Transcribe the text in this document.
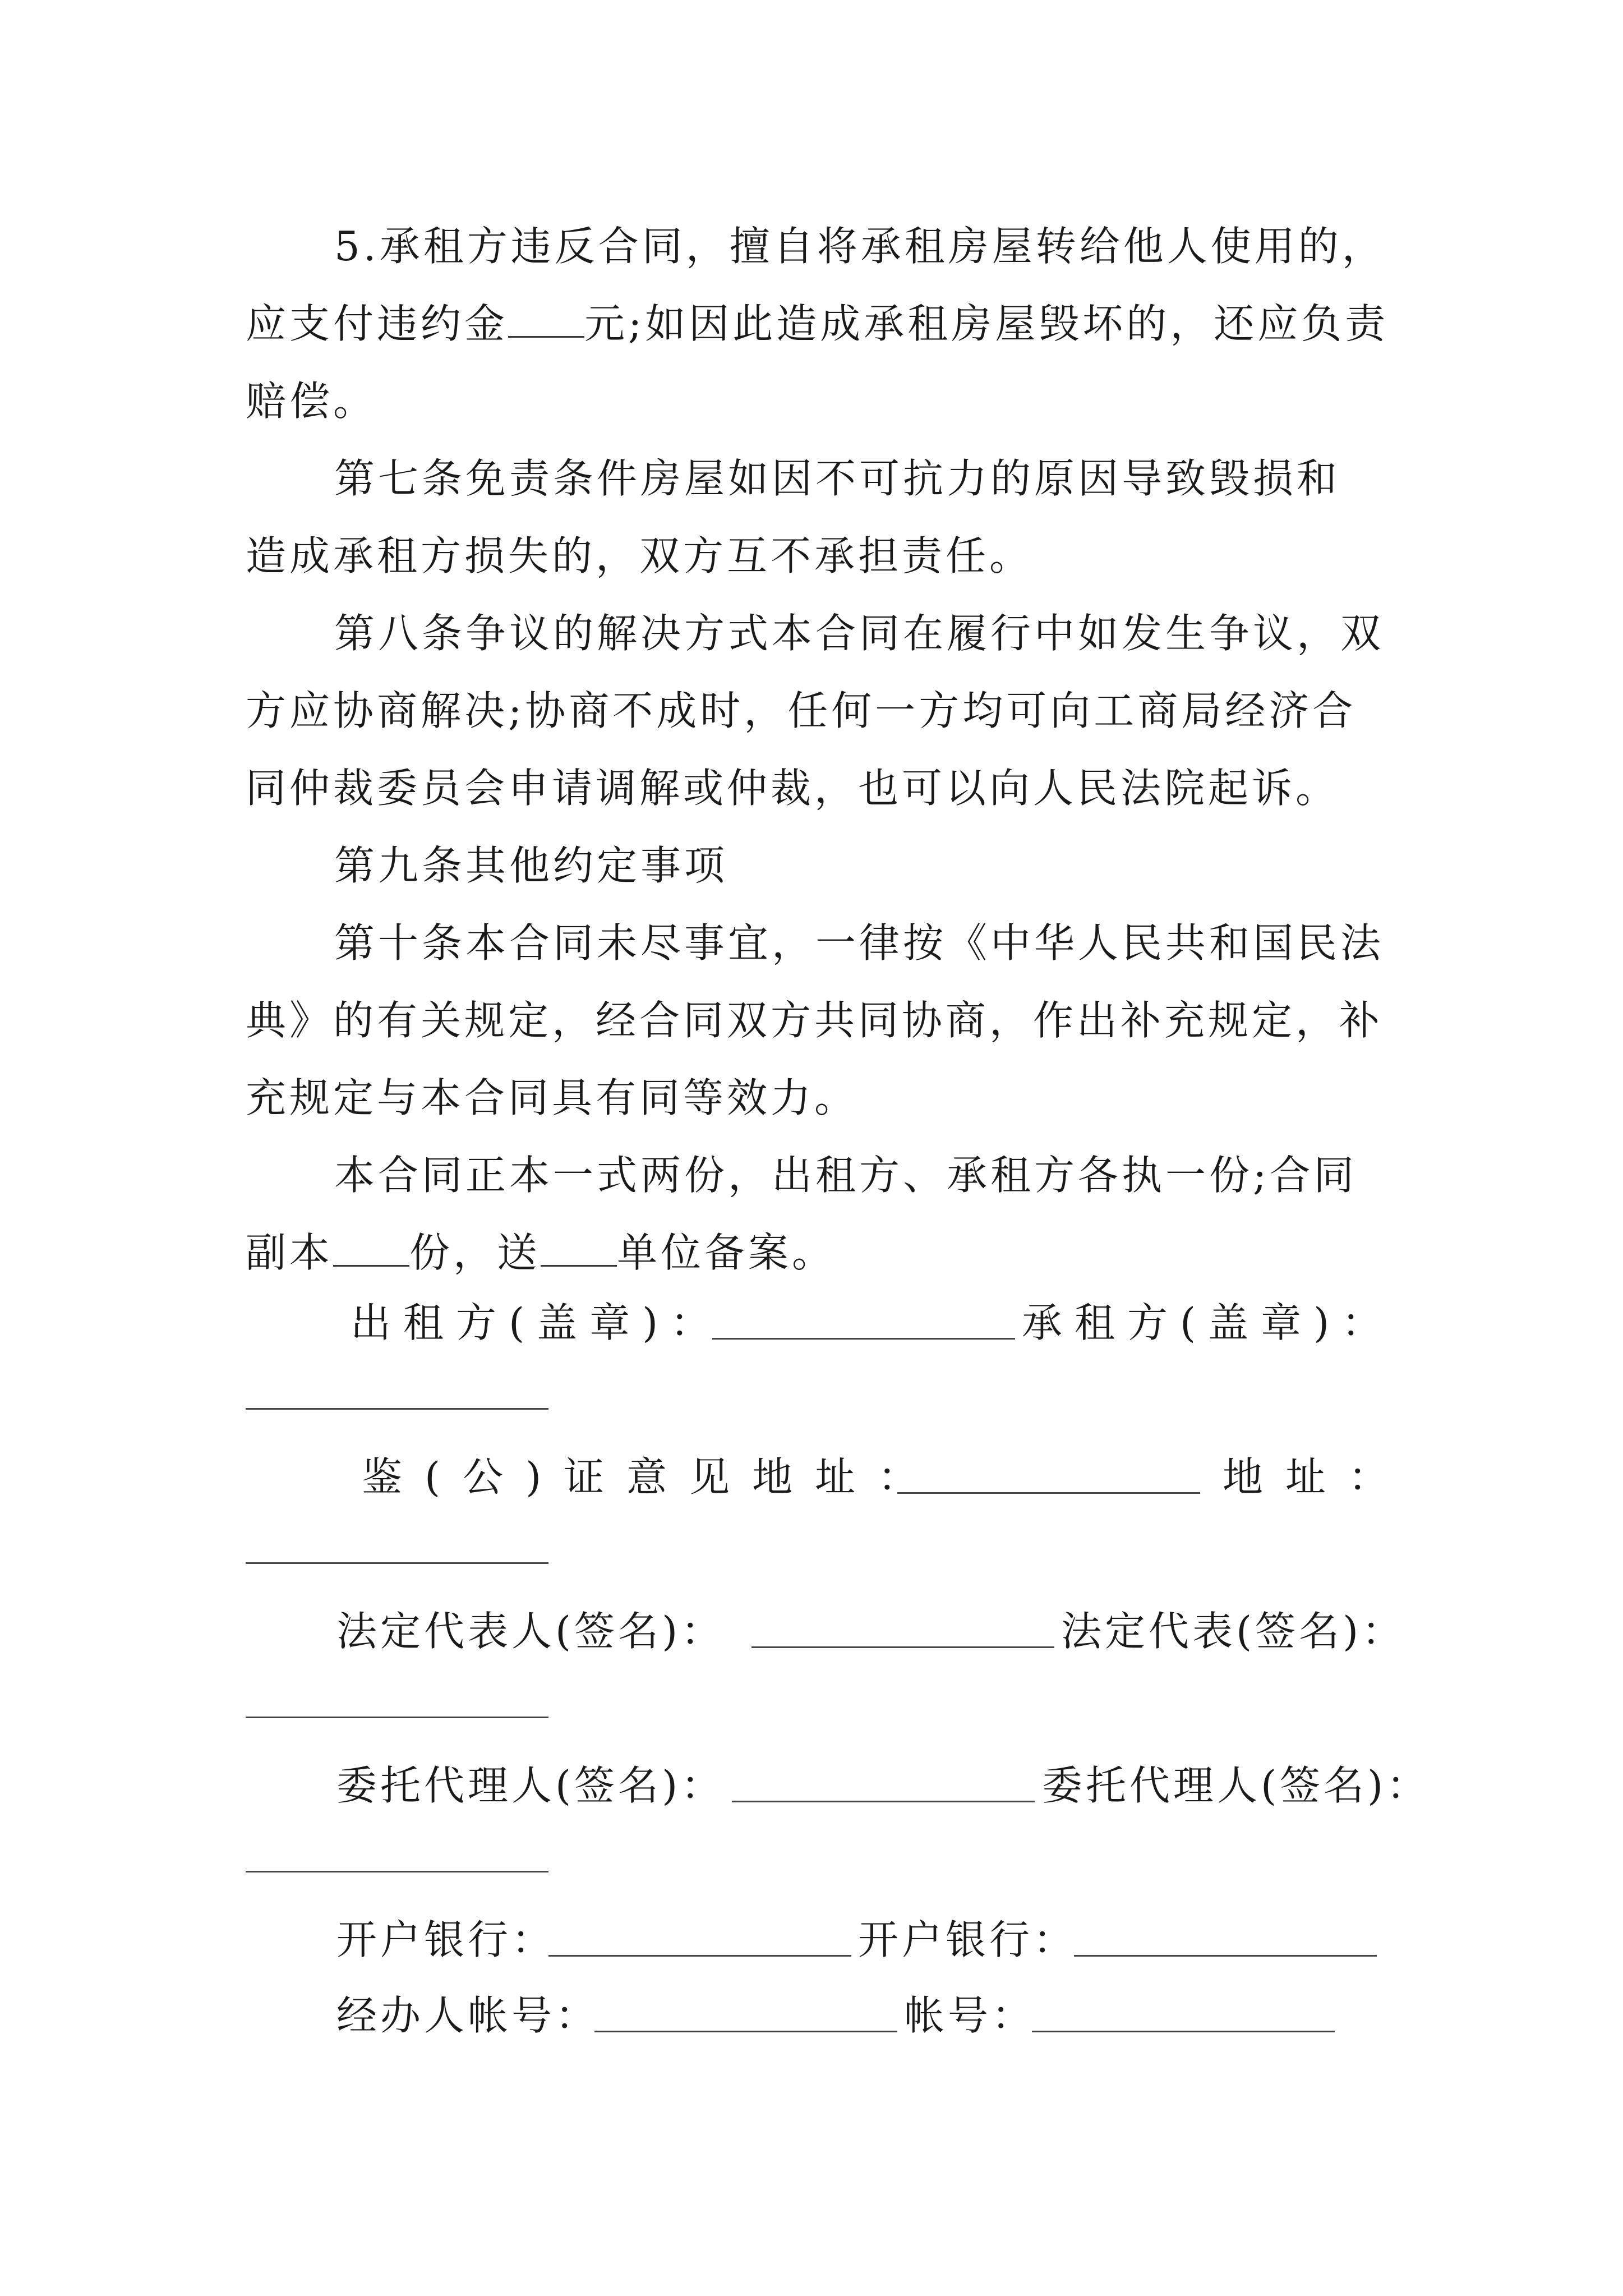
5.承租方违反合同，擅自将承租房屋转给他人使用的，
应支付违约金 元;如因此造成承租房屋毁坏的，还应负责
赔偿。
第七条免责条件房屋如因不可抗力的原因导致毁损和
造成承租方损失的，双方互不承担责任。
第八条争议的解决方式本合同在履行中如发生争议，双
方应协商解决;协商不成时，任何一方均可向工商局经济合
同仲裁委员会申请调解或仲裁，也可以向人民法院起诉。
第九条其他约定事项
第十条本合同未尽事宜，一律按《中华人民共和国民法
典》的有关规定，经合同双方共同协商，作出补充规定，补
充规定与本合同具有同等效力。
本合同正本一式两份，出租方、承租方各执一份;合同
副本 份，送 单位备案。
出租方(盖章)：	承租方(盖章)：
鉴(公)证意见地址：	地址：
法定代表人(签名)：	法定代表(签名)：
委托代理人(签名)：	委托代理人(签名)：
开户银行：	开户银行：
经办人帐号：	帐号：
